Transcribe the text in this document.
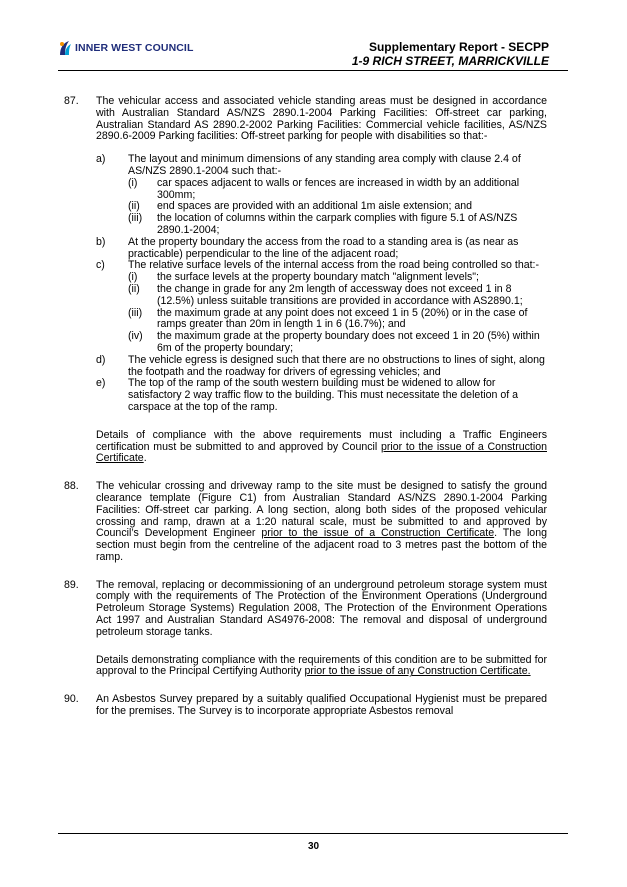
INNER WEST COUNCIL	Supplementary Report - SECPP
1-9 RICH STREET, MARRICKVILLE
87. The vehicular access and associated vehicle standing areas must be designed in accordance with Australian Standard AS/NZS 2890.1-2004 Parking Facilities: Off-street car parking, Australian Standard AS 2890.2-2002 Parking Facilities: Commercial vehicle facilities, AS/NZS 2890.6-2009 Parking facilities: Off-street parking for people with disabilities so that:-
a) The layout and minimum dimensions of any standing area comply with clause 2.4 of AS/NZS 2890.1-2004 such that:-
(i) car spaces adjacent to walls or fences are increased in width by an additional 300mm;
(ii) end spaces are provided with an additional 1m aisle extension; and
(iii) the location of columns within the carpark complies with figure 5.1 of AS/NZS 2890.1-2004;
b) At the property boundary the access from the road to a standing area is (as near as practicable) perpendicular to the line of the adjacent road;
c) The relative surface levels of the internal access from the road being controlled so that:-
(i) the surface levels at the property boundary match "alignment levels";
(ii) the change in grade for any 2m length of accessway does not exceed 1 in 8 (12.5%) unless suitable transitions are provided in accordance with AS2890.1;
(iii) the maximum grade at any point does not exceed 1 in 5 (20%) or in the case of ramps greater than 20m in length 1 in 6 (16.7%); and
(iv) the maximum grade at the property boundary does not exceed 1 in 20 (5%) within 6m of the property boundary;
d) The vehicle egress is designed such that there are no obstructions to lines of sight, along the footpath and the roadway for drivers of egressing vehicles; and
e) The top of the ramp of the south western building must be widened to allow for satisfactory 2 way traffic flow to the building. This must necessitate the deletion of a carspace at the top of the ramp.
Details of compliance with the above requirements must including a Traffic Engineers certification must be submitted to and approved by Council prior to the issue of a Construction Certificate.
88. The vehicular crossing and driveway ramp to the site must be designed to satisfy the ground clearance template (Figure C1) from Australian Standard AS/NZS 2890.1-2004 Parking Facilities: Off-street car parking. A long section, along both sides of the proposed vehicular crossing and ramp, drawn at a 1:20 natural scale, must be submitted to and approved by Council’s Development Engineer prior to the issue of a Construction Certificate. The long section must begin from the centreline of the adjacent road to 3 metres past the bottom of the ramp.
89. The removal, replacing or decommissioning of an underground petroleum storage system must comply with the requirements of The Protection of the Environment Operations (Underground Petroleum Storage Systems) Regulation 2008, The Protection of the Environment Operations Act 1997 and Australian Standard AS4976-2008: The removal and disposal of underground petroleum storage tanks.
Details demonstrating compliance with the requirements of this condition are to be submitted for approval to the Principal Certifying Authority prior to the issue of any Construction Certificate.
90. An Asbestos Survey prepared by a suitably qualified Occupational Hygienist must be prepared for the premises. The Survey is to incorporate appropriate Asbestos removal
30
